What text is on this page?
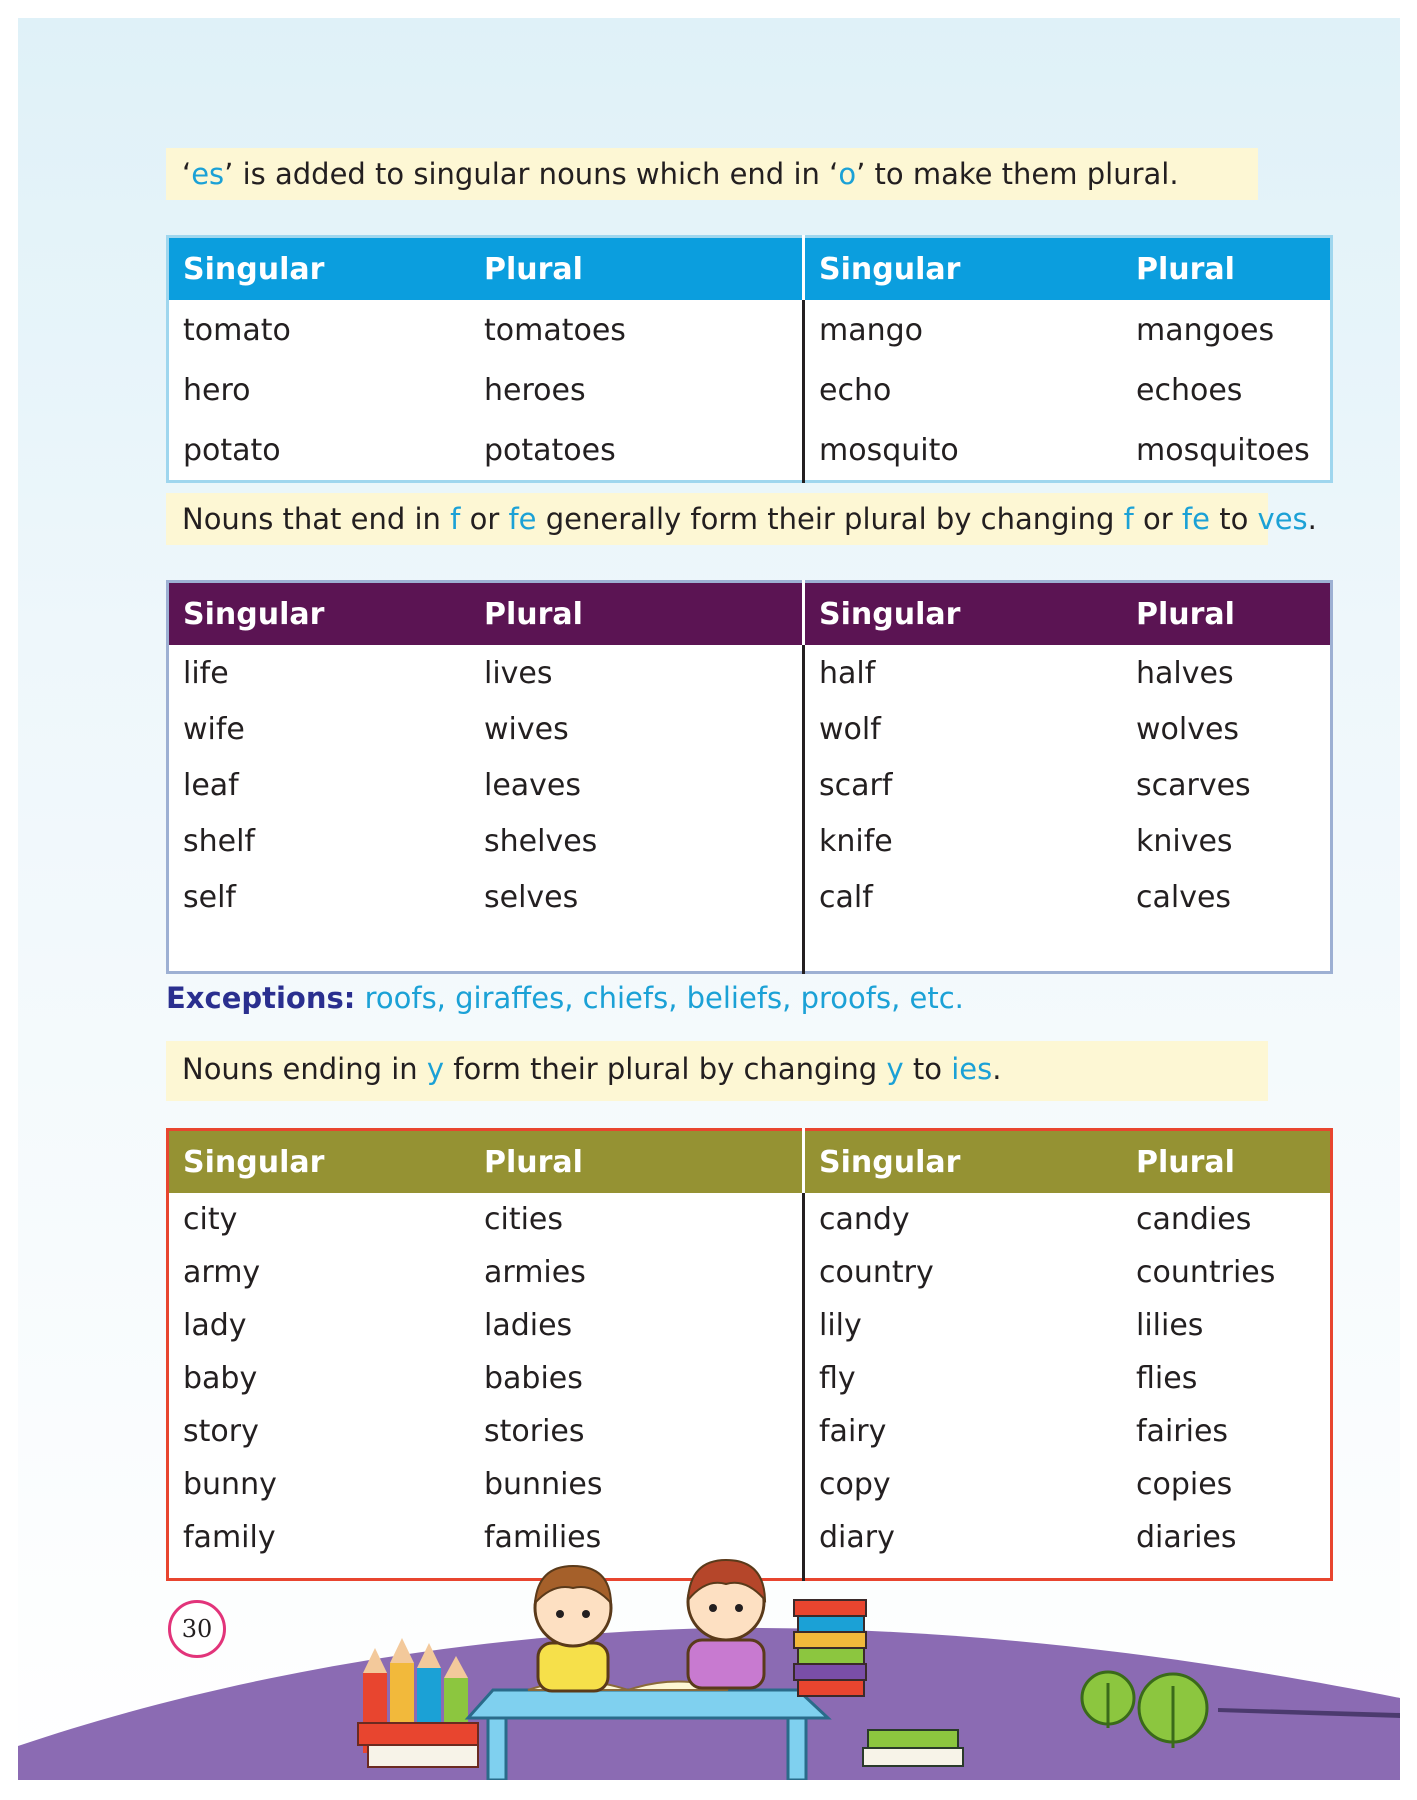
‘es’ is added to singular nouns which end in ‘o’ to make them plural.
Singular	Plural	Singular	Plural
tomato	tomatoes	mango	mangoes
hero	heroes	echo	echoes
potato	potatoes	mosquito	mosquitoes
Nouns that end in f or fe generally form their plural by changing f or fe to ves.
Singular	Plural	Singular	Plural
life	lives	half	halves
wife	wives	wolf	wolves
leaf	leaves	scarf	scarves
shelf	shelves	knife	knives
self	selves	calf	calves

Exceptions: roofs, giraffes, chiefs, beliefs, proofs, etc.
Nouns ending in y form their plural by changing y to ies.
Singular	Plural	Singular	Plural
city	cities	candy	candies
army	armies	country	countries
lady	ladies	lily	lilies
baby	babies	fly	flies
story	stories	fairy	fairies
bunny	bunnies	copy	copies
family	families	diary	diaries

30
